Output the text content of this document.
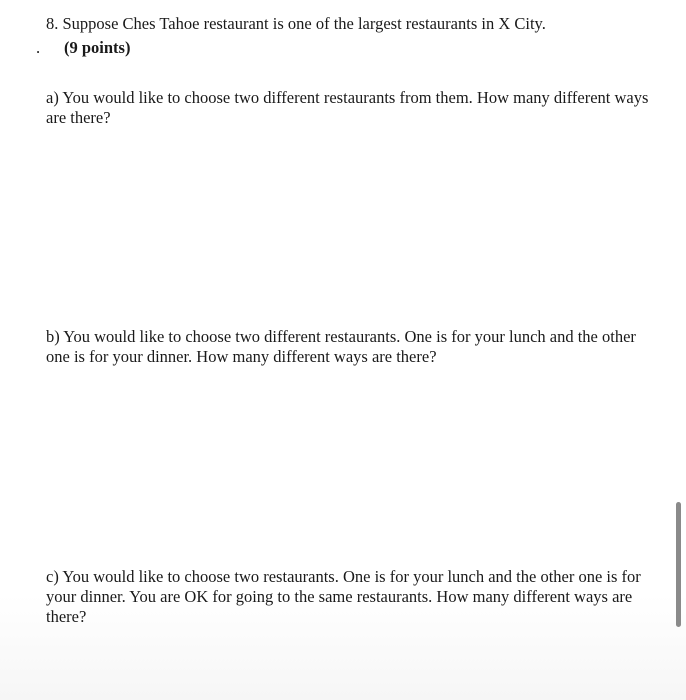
8. Suppose Ches Tahoe restaurant is one of the largest restaurants in X City.
. (9 points)
a) You would like to choose two different restaurants from them. How many different ways are there?
b) You would like to choose two different restaurants. One is for your lunch and the other one is for your dinner. How many different ways are there?
c) You would like to choose two restaurants. One is for your lunch and the other one is for your dinner. You are OK for going to the same restaurants. How many different ways are there?
